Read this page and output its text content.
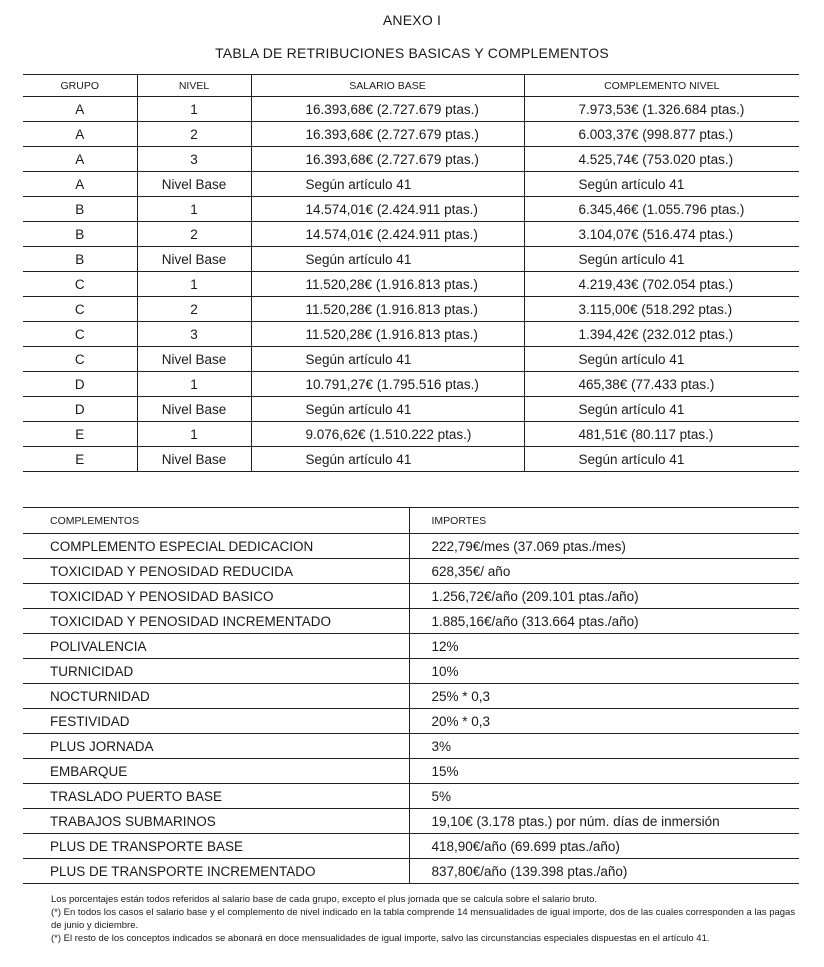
ANEXO I
TABLA DE RETRIBUCIONES BASICAS Y COMPLEMENTOS
GRUPO	NIVEL	SALARIO BASE	COMPLEMENTO NIVEL
A	1	16.393,68€ (2.727.679 ptas.)	7.973,53€ (1.326.684 ptas.)
A	2	16.393,68€ (2.727.679 ptas.)	6.003,37€ (998.877 ptas.)
A	3	16.393,68€ (2.727.679 ptas.)	4.525,74€ (753.020 ptas.)
A	Nivel Base	Según artículo 41	Según artículo 41
B	1	14.574,01€ (2.424.911 ptas.)	6.345,46€ (1.055.796 ptas.)
B	2	14.574,01€ (2.424.911 ptas.)	3.104,07€ (516.474 ptas.)
B	Nivel Base	Según artículo 41	Según artículo 41
C	1	11.520,28€ (1.916.813 ptas.)	4.219,43€ (702.054 ptas.)
C	2	11.520,28€ (1.916.813 ptas.)	3.115,00€ (518.292 ptas.)
C	3	11.520,28€ (1.916.813 ptas.)	1.394,42€ (232.012 ptas.)
C	Nivel Base	Según artículo 41	Según artículo 41
D	1	10.791,27€ (1.795.516 ptas.)	465,38€ (77.433 ptas.)
D	Nivel Base	Según artículo 41	Según artículo 41
E	1	9.076,62€ (1.510.222 ptas.)	481,51€ (80.117 ptas.)
E	Nivel Base	Según artículo 41	Según artículo 41
COMPLEMENTOS	IMPORTES
COMPLEMENTO ESPECIAL DEDICACION	222,79€/mes (37.069 ptas./mes)
TOXICIDAD Y PENOSIDAD REDUCIDA	628,35€/ año
TOXICIDAD Y PENOSIDAD BASICO	1.256,72€/año (209.101 ptas./año)
TOXICIDAD Y PENOSIDAD INCREMENTADO	1.885,16€/año (313.664 ptas./año)
POLIVALENCIA	12%
TURNICIDAD	10%
NOCTURNIDAD	25% * 0,3
FESTIVIDAD	20% * 0,3
PLUS JORNADA	3%
EMBARQUE	15%
TRASLADO PUERTO BASE	5%
TRABAJOS SUBMARINOS	19,10€ (3.178 ptas.) por núm. días de inmersión
PLUS DE TRANSPORTE BASE	418,90€/año (69.699 ptas./año)
PLUS DE TRANSPORTE INCREMENTADO	837,80€/año (139.398 ptas./año)

Los porcentajes están todos referidos al salario base de cada grupo, excepto el plus jornada que se calcula sobre el salario bruto.

(*) En todos los casos el salario base y el complemento de nivel indicado en la tabla comprende 14 mensualidades de igual importe, dos de las cuales corresponden a las pagas de junio y diciembre.

(*) El resto de los conceptos indicados se abonará en doce mensualidades de igual importe, salvo las circunstancias especiales dispuestas en el artículo 41.
